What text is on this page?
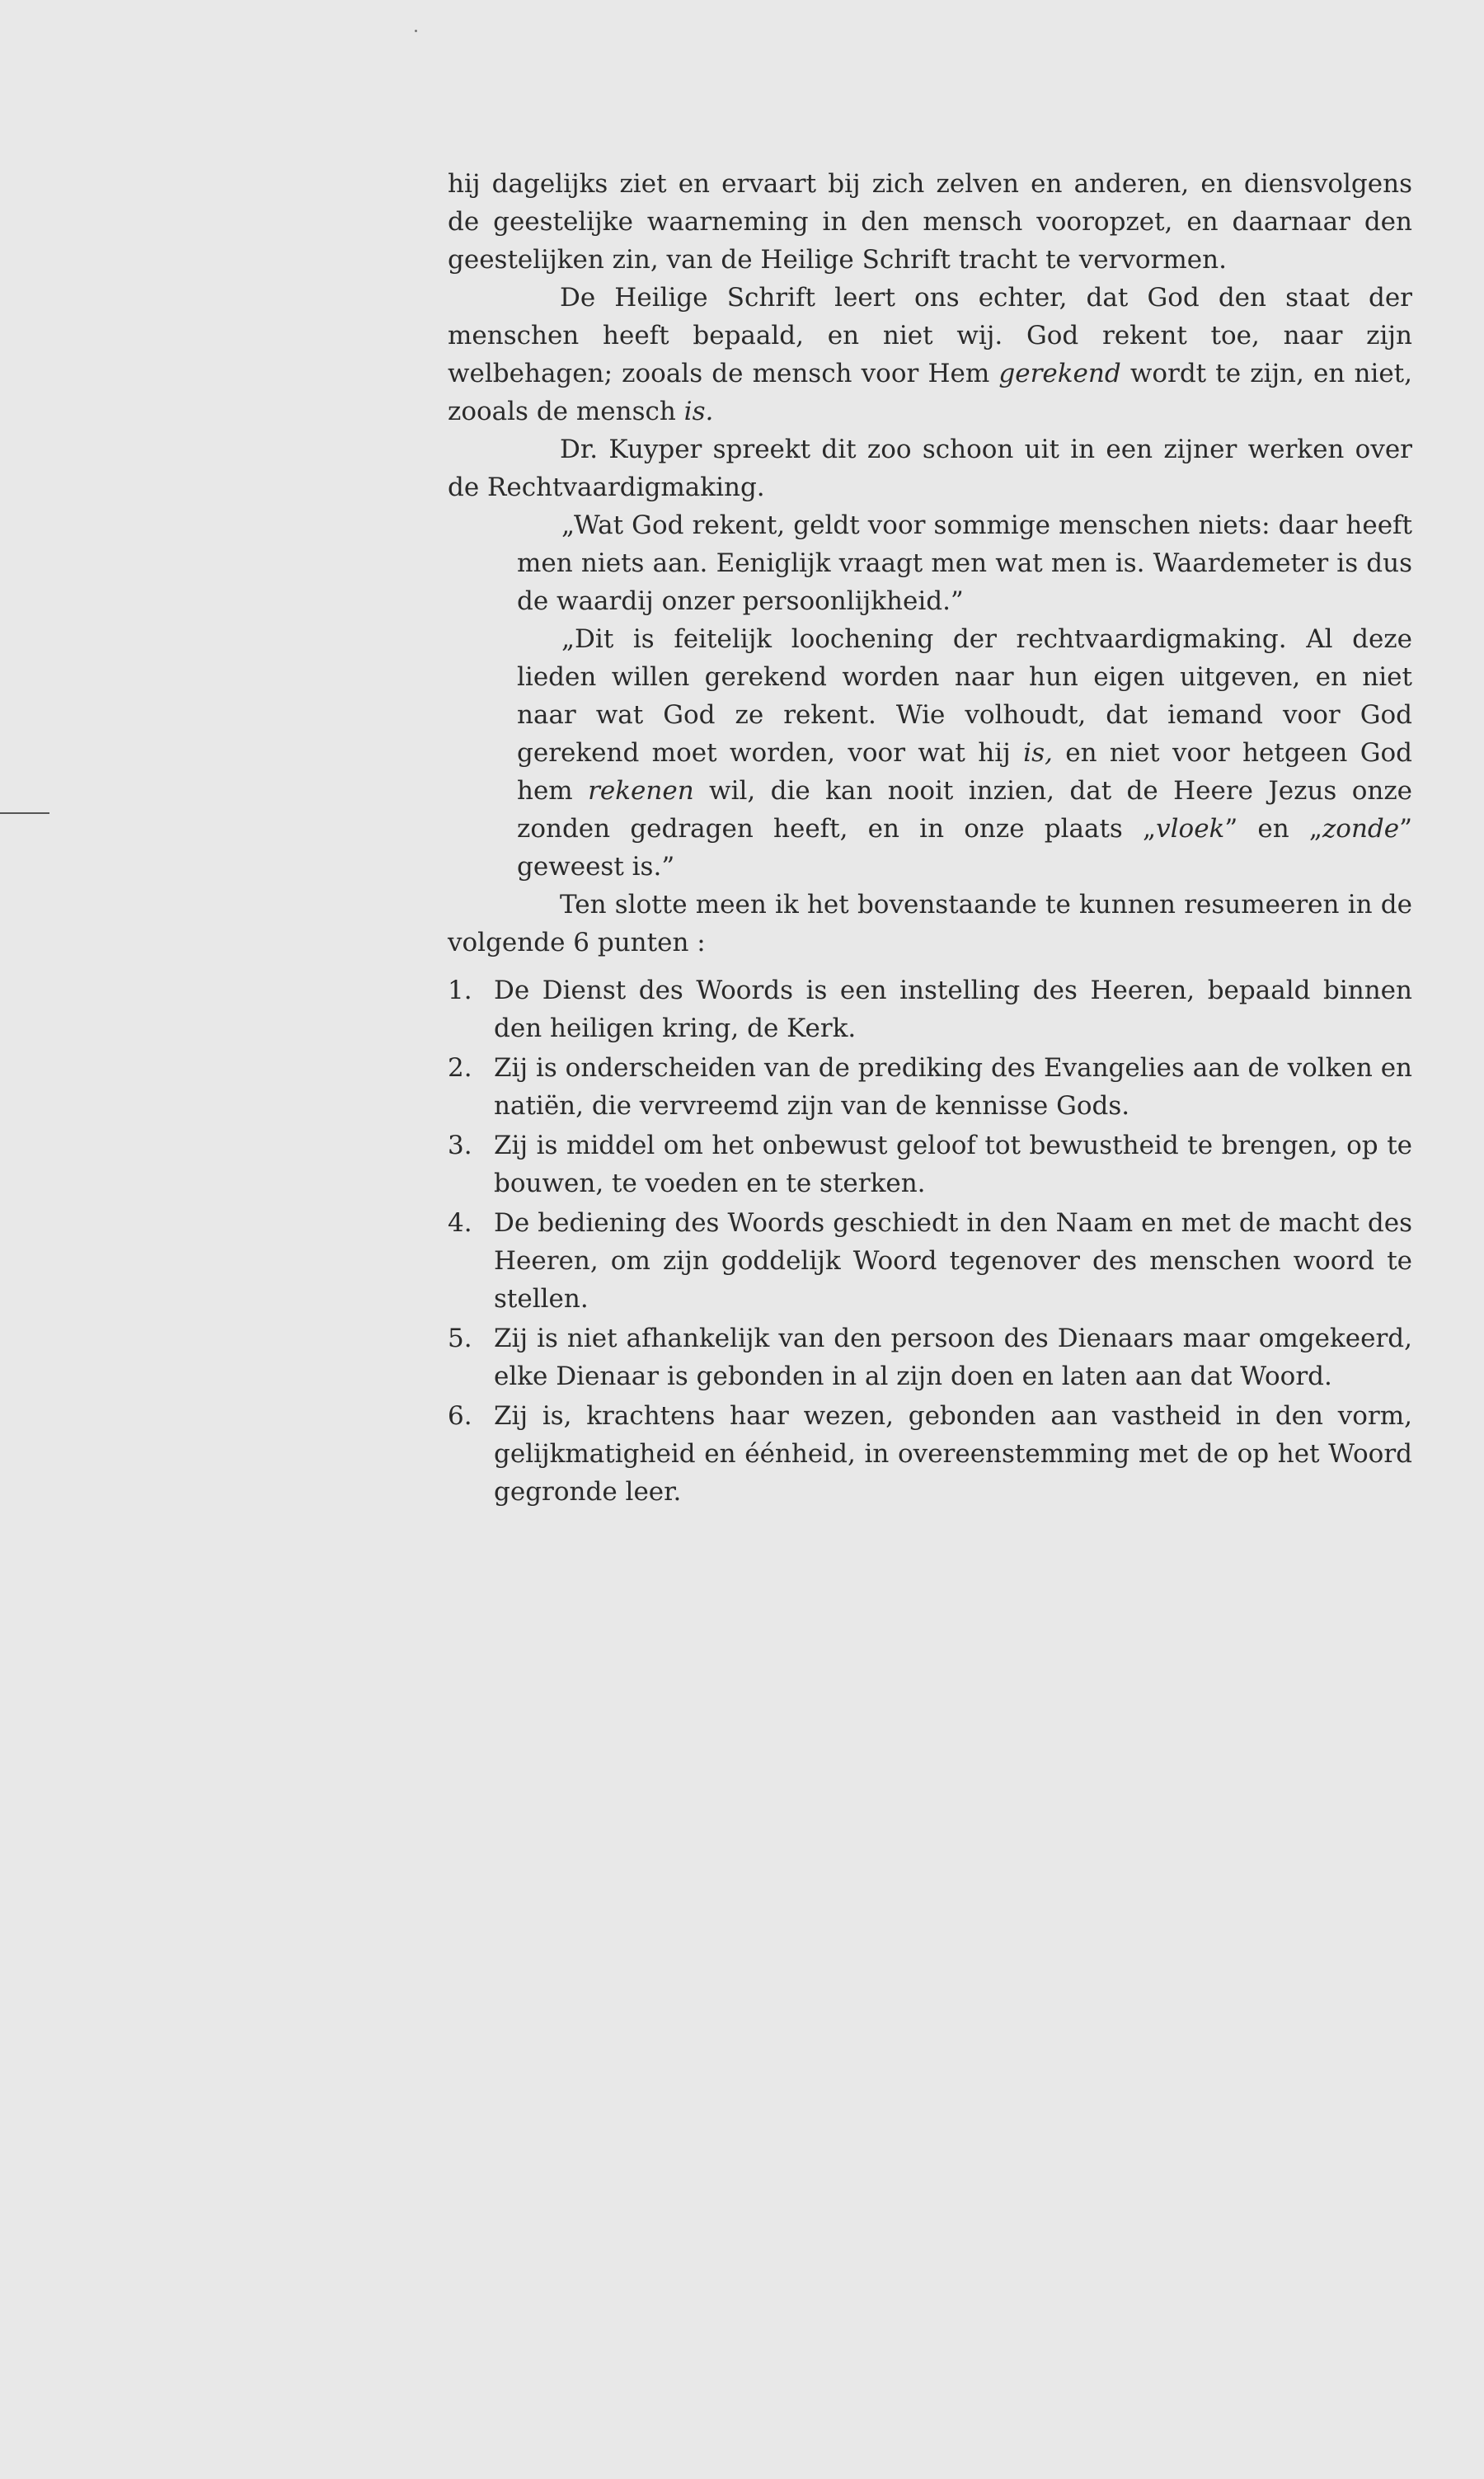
hij dagelijks ziet en ervaart bij zich zelven en anderen, en diensvolgens de geestelijke waarneming in den mensch vooropzet, en daarnaar den geestelijken zin, van de Heilige Schrift tracht te vervormen.

De Heilige Schrift leert ons echter, dat God den staat der menschen heeft bepaald, en niet wij. God rekent toe, naar zijn welbehagen; zooals de mensch voor Hem gerekend wordt te zijn, en niet, zooals de mensch is.

Dr. Kuyper spreekt dit zoo schoon uit in een zijner werken over de Rechtvaardigmaking.

„Wat God rekent, geldt voor sommige menschen niets: daar heeft men niets aan. Eeniglijk vraagt men wat men is. Waardemeter is dus de waardij onzer persoonlijkheid.”

„Dit is feitelijk loochening der rechtvaardigmaking. Al deze lieden willen gerekend worden naar hun eigen uitgeven, en niet naar wat God ze rekent. Wie volhoudt, dat iemand voor God gerekend moet worden, voor wat hij is, en niet voor hetgeen God hem rekenen wil, die kan nooit inzien, dat de Heere Jezus onze zonden gedragen heeft, en in onze plaats „vloek” en „zonde” geweest is.”

Ten slotte meen ik het bovenstaande te kunnen resumeeren in de volgende 6 punten :

1. De Dienst des Woords is een instelling des Heeren, bepaald binnen den heiligen kring, de Kerk.
2. Zij is onderscheiden van de prediking des Evangelies aan de volken en natiën, die vervreemd zijn van de kennisse Gods.
3. Zij is middel om het onbewust geloof tot bewustheid te brengen, op te bouwen, te voeden en te sterken.
4. De bediening des Woords geschiedt in den Naam en met de macht des Heeren, om zijn goddelijk Woord tegenover des menschen woord te stellen.
5. Zij is niet afhankelijk van den persoon des Dienaars maar omgekeerd, elke Dienaar is gebonden in al zijn doen en laten aan dat Woord.
6. Zij is, krachtens haar wezen, gebonden aan vastheid in den vorm, gelijkmatigheid en éénheid, in overeenstemming met de op het Woord gegronde leer.
